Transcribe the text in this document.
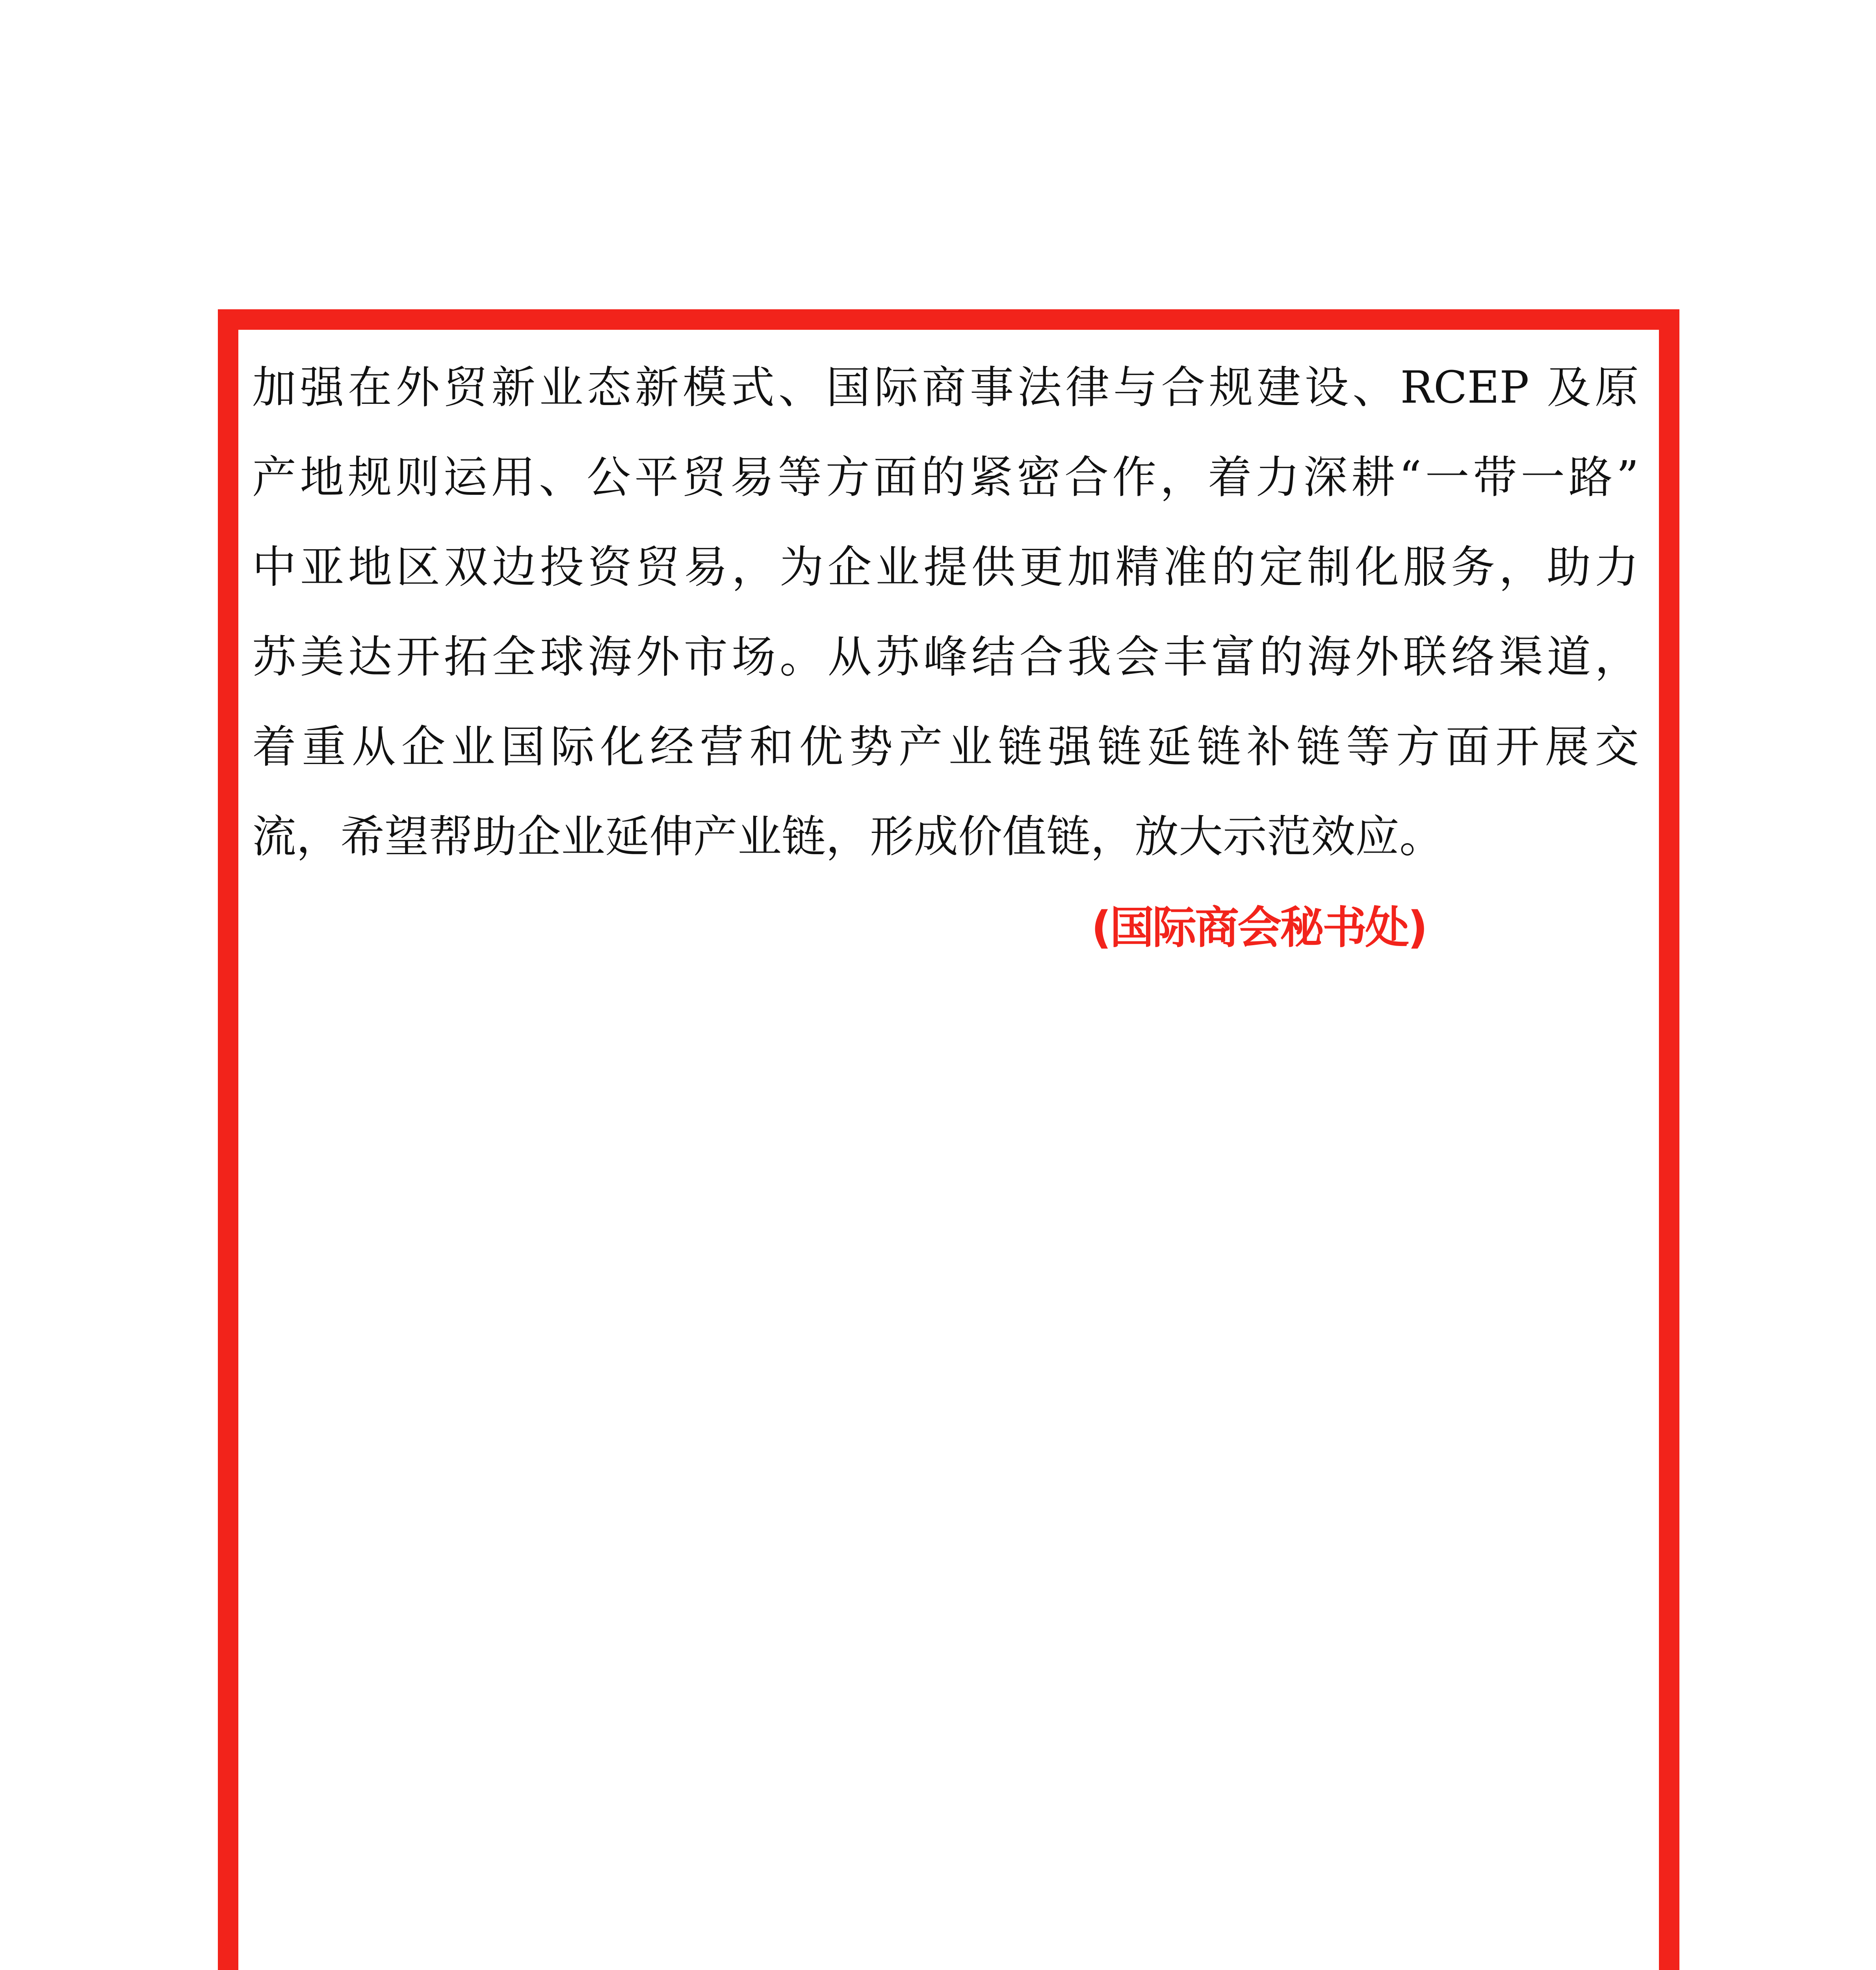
加强在外贸新业态新模式、国际商事法律与合规建设、RCEP 及原
产地规则运用、公平贸易等方面的紧密合作，着力深耕“一带一路”
中亚地区双边投资贸易，为企业提供更加精准的定制化服务，助力
苏美达开拓全球海外市场。从苏峰结合我会丰富的海外联络渠道，
着重从企业国际化经营和优势产业链强链延链补链等方面开展交
流，希望帮助企业延伸产业链，形成价值链，放大示范效应。
(国际商会秘书处)
